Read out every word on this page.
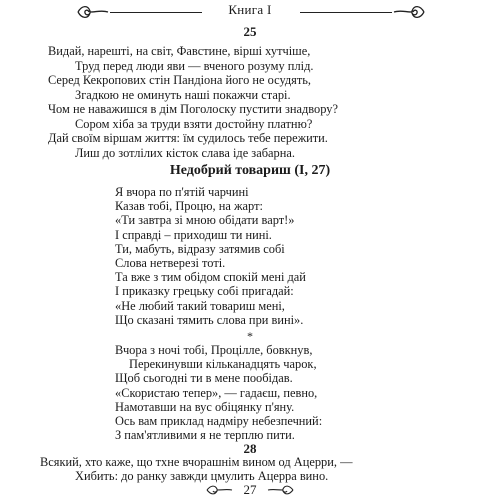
Книга I
25
Видай, нарешті, на світ, Фавстине, вірші хутчіше,
Труд перед люди яви — вченого розуму плід.
Серед Кекропових стін Пандіона його не осудять,
Згадкою не оминуть наші покажчи старі.
Чом не наважишся в дім Поголоску пустити знадвору?
Сором хіба за труди взяти достойну платню?
Дай своїм віршам життя: їм судилось тебе пережити.
Лиш до зотлілих кісток слава іде забарна.
Недобрий товариш (I, 27)
Я вчора по п'ятій чарчині
Казав тобі, Процю, на жарт:
«Ти завтра зі мною обідати варт!»
І справді – приходиш ти нині.
Ти, мабуть, відразу затямив собі
Слова нетверезі тоті.
Та вже з тим обідом спокій мені дай
І приказку грецьку собі пригадай:
«Не любий такий товариш мені,
Що сказані тямить слова при вині».
*
Вчора з ночі тобі, Процілле, бовкнув,
Перекинувши кільканадцять чарок,
Щоб сьогодні ти в мене пообідав.
«Скористаю тепер», — гадаєш, певно,
Намотавши на вус обіцянку п'яну.
Ось вам приклад надміру небезпечний:
З пам'ятливими я не терплю пити.
28
Всякий, хто каже, що тхне вчорашнім вином од Ацерри, —
Хибить: до ранку завжди цмулить Ацерра вино.
27
